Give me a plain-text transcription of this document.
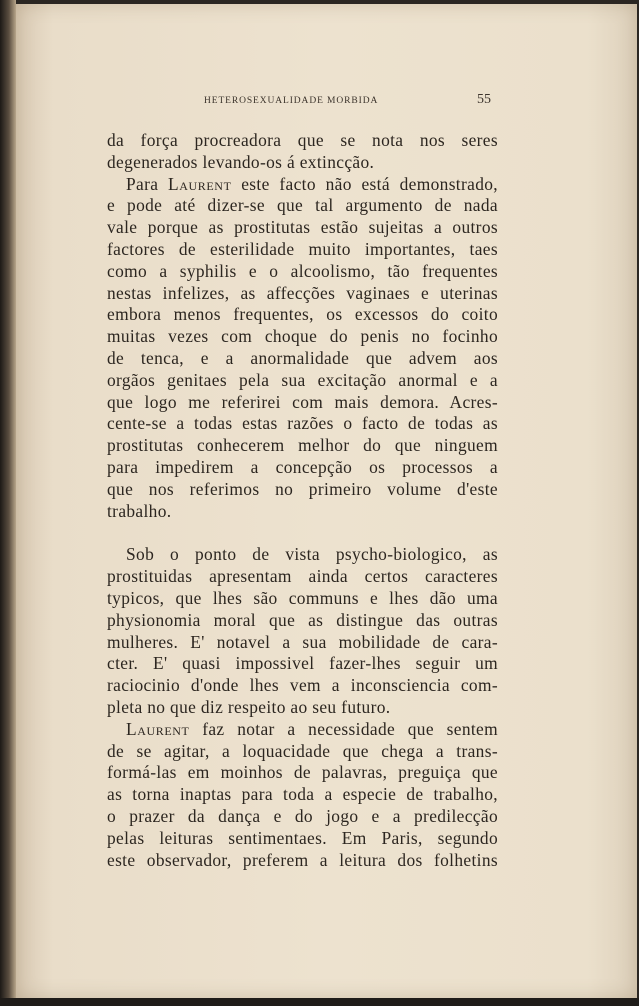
HETEROSEXUALIDADE MORBIDA	55

da força procreadora que se nota nos seres

degenerados levando-os á extincção.

Para Laurent este facto não está demonstrado,

e pode até dizer-se que tal argumento de nada

vale porque as prostitutas estão sujeitas a outros

factores de esterilidade muito importantes, taes

como a syphilis e o alcoolismo, tão frequentes

nestas infelizes, as affecções vaginaes e uterinas

embora menos frequentes, os excessos do coito

muitas vezes com choque do penis no focinho

de tenca, e a anormalidade que advem aos

orgãos genitaes pela sua excitação anormal e a

que logo me referirei com mais demora. Acres-

cente-se a todas estas razões o facto de todas as

prostitutas conhecerem melhor do que ninguem

para impedirem a concepção os processos a

que nos referimos no primeiro volume d'este

trabalho.

Sob o ponto de vista psycho-biologico, as

prostituidas apresentam ainda certos caracteres

typicos, que lhes são communs e lhes dão uma

physionomia moral que as distingue das outras

mulheres. E' notavel a sua mobilidade de cara-

cter. E' quasi impossivel fazer-lhes seguir um

raciocinio d'onde lhes vem a inconsciencia com-

pleta no que diz respeito ao seu futuro.

Laurent faz notar a necessidade que sentem

de se agitar, a loquacidade que chega a trans-

formá-las em moinhos de palavras, preguiça que

as torna inaptas para toda a especie de trabalho,

o prazer da dança e do jogo e a predilecção

pelas leituras sentimentaes. Em Paris, segundo

este observador, preferem a leitura dos folhetins
